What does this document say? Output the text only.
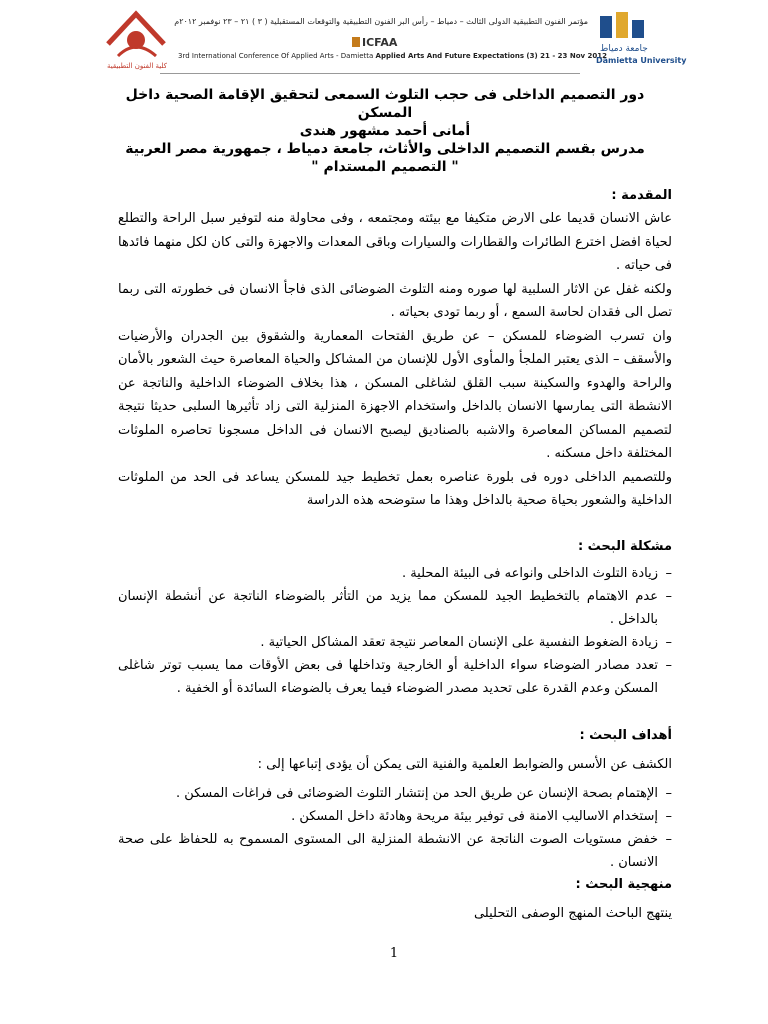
كلية الفنون التطبيقية
مؤتمر الفنون التطبيقية الدولى الثالث – دمياط – رأس البر الفنون التطبيقية والتوقعات المستقبلية ( ٣ ) ٢١ – ٢٣ نوفمبر ٢٠١٢م
ICFAA
3rd International Conference Of Applied Arts - Damietta Applied Arts And Future Expectations (3) 21 - 23 Nov 2012
جامعة دمياط
Damietta University
دور التصميم الداخلى فى حجب التلوث السمعى لتحقيق الإقامة الصحية داخل المسكن
أمانى أحمد مشهور هندى
مدرس بقسم التصميم الداخلى والأثاث، جامعة دمياط ، جمهورية مصر العربية
" التصميم المستدام "
المقدمة :
عاش الانسان قديما على الارض متكيفا مع بيئته ومجتمعه ، وفى محاولة منه لتوفير سبل الراحة والتطلع لحياة افضل اخترع الطائرات والقطارات والسيارات وباقى المعدات والاجهزة والتى كان لكل منهما فائدها فى حياته .
ولكنه غفل عن الاثار السلبية لها صوره ومنه التلوث الضوضائى الذى فاجأ الانسان فى خطورته التى ربما تصل الى فقدان لحاسة السمع ، أو ربما تودى بحياته .
وان تسرب الضوضاء للمسكن – عن طريق الفتحات المعمارية والشقوق بين الجدران والأرضيات والأسقف – الذى يعتبر الملجأ والمأوى الأول للإنسان من المشاكل والحياة المعاصرة حيث الشعور بالأمان والراحة والهدوء والسكينة سبب القلق لشاغلى المسكن ، هذا بخلاف الضوضاء الداخلية والناتجة عن الانشطة التى يمارسها الانسان بالداخل واستخدام الاجهزة المنزلية التى زاد تأثيرها السلبى حديثا نتيجة لتصميم المساكن المعاصرة والاشبه بالصناديق ليصبح الانسان فى الداخل مسجونا تحاصره الملوثات المختلفة داخل مسكنه .
وللتصميم الداخلى دوره فى بلورة عناصره بعمل تخطيط جيد للمسكن يساعد فى الحد من الملوثات الداخلية والشعور بحياة صحية بالداخل وهذا ما ستوضحه هذه الدراسة
مشكلة البحث :
– زيادة التلوث الداخلى وانواعه فى البيئة المحلية .
– عدم الاهتمام بالتخطيط الجيد للمسكن مما يزيد من التأثر بالضوضاء الناتجة عن أنشطة الإنسان بالداخل .
– زيادة الضغوط النفسية على الإنسان المعاصر نتيجة تعقد المشاكل الحياتية .
– تعدد مصادر الضوضاء سواء الداخلية أو الخارجية وتداخلها فى بعض الأوقات مما يسبب توتر شاغلى المسكن وعدم القدرة على تحديد مصدر الضوضاء فيما يعرف بالضوضاء السائدة أو الخفية .
أهداف البحث :
الكشف عن الأسس والضوابط العلمية والفنية التى يمكن أن يؤدى إتباعها إلى :
– الإهتمام بصحة الإنسان عن طريق الحد من إنتشار التلوث الضوضائى فى فراغات المسكن .
– إستخدام الاساليب الامنة فى توفير بيئة مريحة وهادئة داخل المسكن .
– خفض مستويات الصوت الناتجة عن الانشطة المنزلية الى المستوى المسموح به للحفاظ على صحة الانسان .
منهجية البحث :
ينتهج الباحث المنهج الوصفى التحليلى
1
